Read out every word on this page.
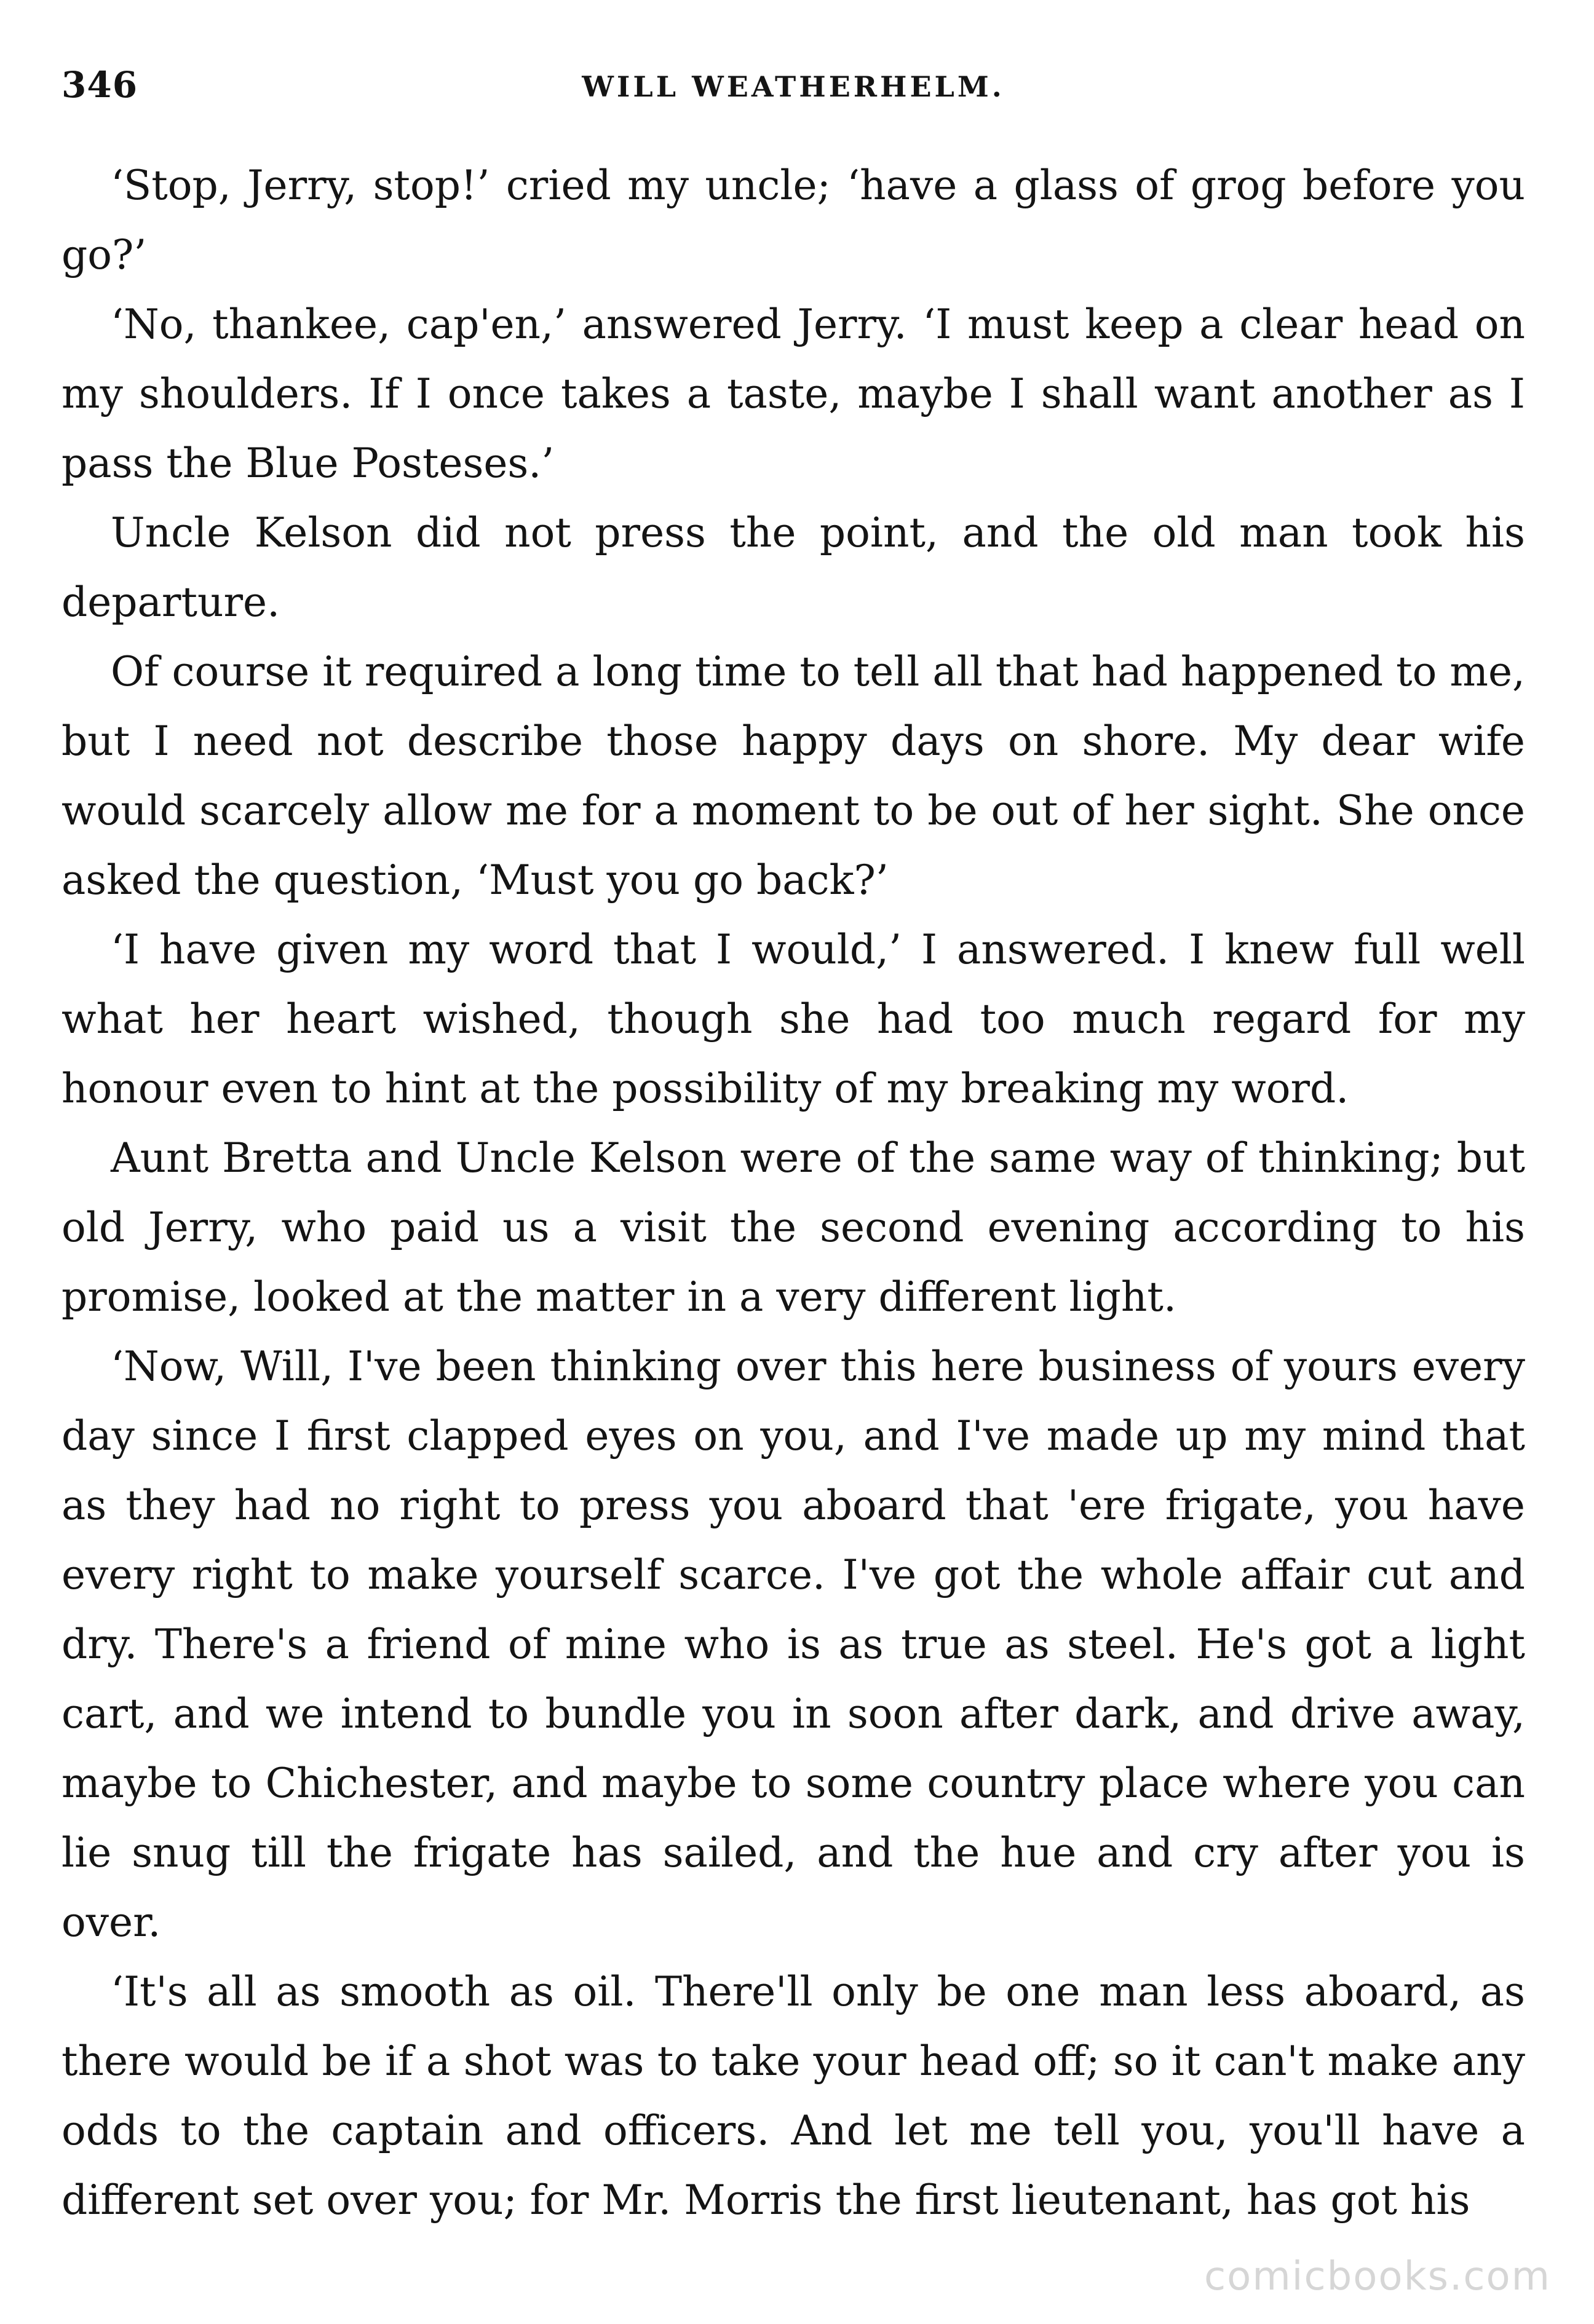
346	WILL WEATHERHELM.

‘Stop, Jerry, stop!’ cried my uncle; ‘have a glass of grog before you go?’

‘No, thankee, cap'en,’ answered Jerry. ‘I must keep a clear head on my shoulders. If I once takes a taste, maybe I shall want another as I pass the Blue Posteses.’

Uncle Kelson did not press the point, and the old man took his departure.

Of course it required a long time to tell all that had happened to me, but I need not describe those happy days on shore. My dear wife would scarcely allow me for a moment to be out of her sight. She once asked the question, ‘Must you go back?’

‘I have given my word that I would,’ I answered. I knew full well what her heart wished, though she had too much regard for my honour even to hint at the possibility of my breaking my word.

Aunt Bretta and Uncle Kelson were of the same way of thinking; but old Jerry, who paid us a visit the second evening according to his promise, looked at the matter in a very different light.

‘Now, Will, I've been thinking over this here business of yours every day since I first clapped eyes on you, and I've made up my mind that as they had no right to press you aboard that 'ere frigate, you have every right to make yourself scarce. I've got the whole affair cut and dry. There's a friend of mine who is as true as steel. He's got a light cart, and we intend to bundle you in soon after dark, and drive away, maybe to Chichester, and maybe to some country place where you can lie snug till the frigate has sailed, and the hue and cry after you is over.

‘It's all as smooth as oil. There'll only be one man less aboard, as there would be if a shot was to take your head off; so it can't make any odds to the captain and officers. And let me tell you, you'll have a different set over you; for Mr. Morris the first lieutenant, has got his

comicbooks.com
